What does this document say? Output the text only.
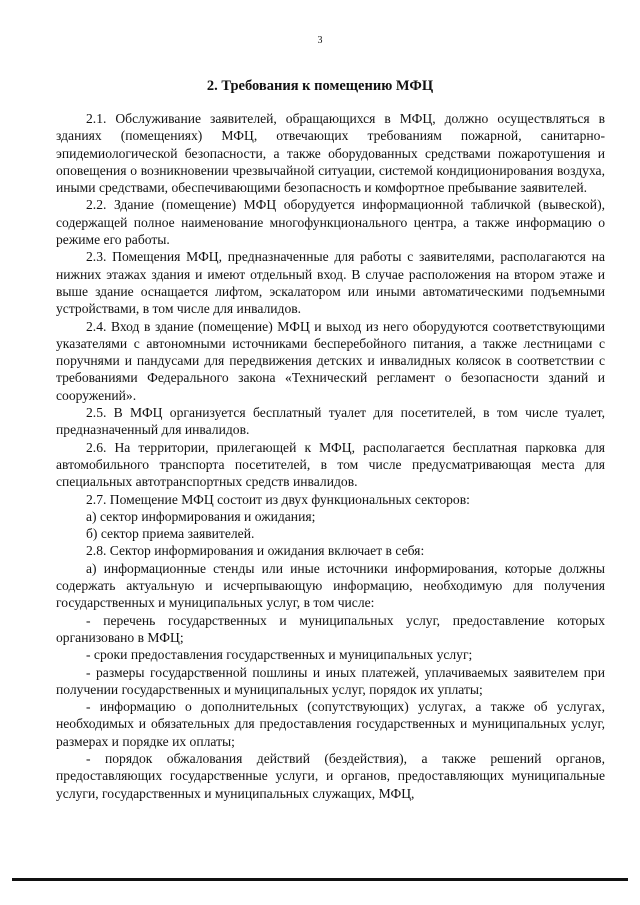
3
2. Требования к помещению МФЦ

2.1. Обслуживание заявителей, обращающихся в МФЦ, должно осуществляться в зданиях (помещениях) МФЦ, отвечающих требованиям пожарной, санитарно-эпидемиологической безопасности, а также оборудованных средствами пожаротушения и оповещения о возникновении чрезвычайной ситуации, системой кондиционирования воздуха, иными средствами, обеспечивающими безопасность и комфортное пребывание заявителей.

2.2. Здание (помещение) МФЦ оборудуется информационной табличкой (вывеской), содержащей полное наименование многофункционального центра, а также информацию о режиме его работы.

2.3. Помещения МФЦ, предназначенные для работы с заявителями, располагаются на нижних этажах здания и имеют отдельный вход. В случае расположения на втором этаже и выше здание оснащается лифтом, эскалатором или иными автоматическими подъемными устройствами, в том числе для инвалидов.

2.4. Вход в здание (помещение) МФЦ и выход из него оборудуются соответствующими указателями с автономными источниками бесперебойного питания, а также лестницами с поручнями и пандусами для передвижения детских и инвалидных колясок в соответствии с требованиями Федерального закона «Технический регламент о безопасности зданий и сооружений».

2.5. В МФЦ организуется бесплатный туалет для посетителей, в том числе туалет, предназначенный для инвалидов.

2.6. На территории, прилегающей к МФЦ, располагается бесплатная парковка для автомобильного транспорта посетителей, в том числе предусматривающая места для специальных автотранспортных средств инвалидов.

2.7. Помещение МФЦ состоит из двух функциональных секторов:

а) сектор информирования и ожидания;

б) сектор приема заявителей.

2.8. Сектор информирования и ожидания включает в себя:

а) информационные стенды или иные источники информирования, которые должны содержать актуальную и исчерпывающую информацию, необходимую для получения государственных и муниципальных услуг, в том числе:

- перечень государственных и муниципальных услуг, предоставление которых организовано в МФЦ;

- сроки предоставления государственных и муниципальных услуг;

- размеры государственной пошлины и иных платежей, уплачиваемых заявителем при получении государственных и муниципальных услуг, порядок их уплаты;

- информацию о дополнительных (сопутствующих) услугах, а также об услугах, необходимых и обязательных для предоставления государственных и муниципальных услуг, размерах и порядке их оплаты;

- порядок обжалования действий (бездействия), а также решений органов, предоставляющих государственные услуги, и органов, предоставляющих муниципальные услуги, государственных и муниципальных служащих, МФЦ,
